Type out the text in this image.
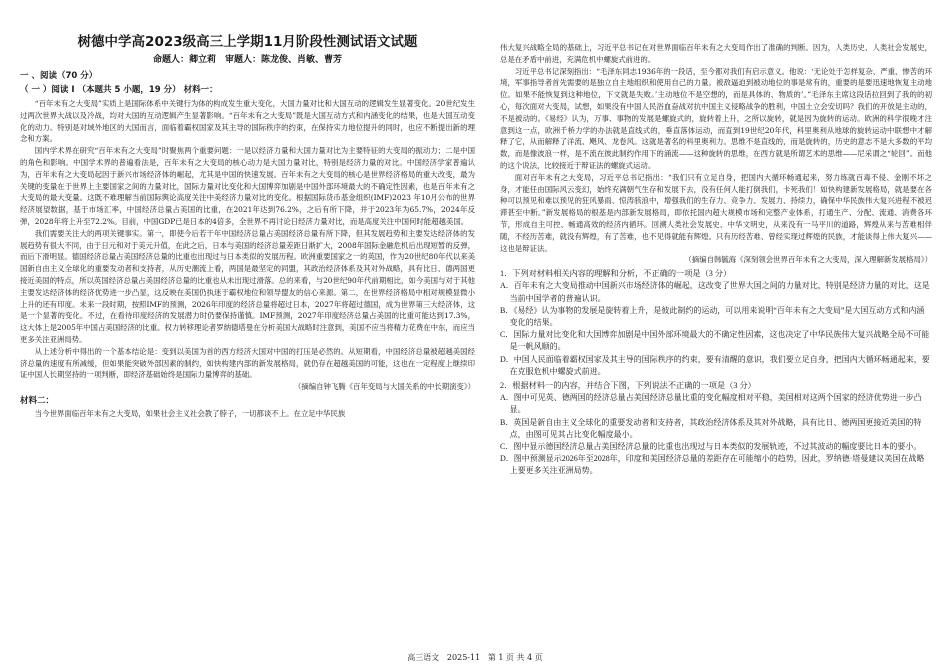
树德中学高2023级高三上学期11月阶段性测试语文试题
命题人：卿立莉　审题人：陈龙俊、肖敏、曹芳
一 、阅读（70 分）
（ 一 ）阅读 I （本题共 5 小题，19 分） 材料一：

“百年未有之大变局”实质上是国际体系中关键行为体的构成发生重大变化，大国力量对比和大国互动的逻辑发生显著变化。20世纪发生过两次世界大战以及冷战，均对大国的互动逻辑产生显著影响。“百年未有之大变局”既是大国互动方式和内涵变化的结果，也是大国互动变化的动力。特别是对域外地区的大国而言，面临着霸权国家及其主导的国际秩序的约束，在保持实力地位提升的同时，也应不断提出新的理念和方案。

国内学术界在研究“百年未有之大变局”时聚焦两个重要问题：一是以经济力量和大国力量对比为主要特征的大变局的振动力；二是中国的角色和影响。中国学术界的普遍看法是，百年未有之大变局的核心动力是大国力量对比，特别是经济力量的对比。中国经济学家普遍认为，百年未有之大变局起因于新兴市场经济体的崛起，尤其是中国的快速发展。百年未有之大变局的核心是世界经济格局的重大改变，最为关键的变量在于世界上主要国家之间的力量对比，国际力量对比变化和大国博弈加剧是中国外部环境最大的不确定性因素，也是百年未有之大变局的最大变量。这既不难理解当前国际舆论高度关注中美经济力量对比的变化。根据国际货币基金组织(IMF)2023 年10月公布的世界经济展望数据，基于市场汇率，中国经济总量占美国的比重，在2021年达到76.2%，之后有所下降，并于2023年为65.7%，2024年反弹，2028年将上升至72.2%。目前，中国GDP已是日本的4倍多，全世界不再讨论日经济力量对比，而是高度关注中国何时能超越美国。

我们需要关注大的两项关键事实。第一，即使今后若干年中国经济总量占美国经济总量有所下降，但其发展趋势和主要发达经济体的发展趋势有很大不同，由于日元和对于美元升值，在此之后，日本与美国的经济总量差距日渐扩大，2008年国际金融危机后出现短暂的反弹，而后下滑明显。德国经济总量占美国经济总量的比重也出现过与日本类似的发展历程。欧洲重要国家之一的英国，作为20世纪80年代以来美国新自由主义全球化的重要发动者和支持者，从历史潮流上看，两国是最坚定的同盟，其政治经济体系及其对外战略，具有比日、德两国更接近美国的特点，所以英国经济总量占美国经济总量的比重也从未出现过滑落。总的来看，与20世纪90年代前期相比，如今美国与对于其他主要发达经济体的经济优势进一步凸显，这反映在美国仍执迷于霸权地位和领导盟友的信心来源。第二，在世界经济格局中相对规模显微小上升的还有印度。未来一段时期，按照IMF的预测，2026年印度的经济总量将超过日本，2027年将超过德国，成为世界第三大经济体，这是一个显著的变化。不过，在看待印度经济的发展潜力时仍要保持谨慎。IMF预测，2027年印度经济总量占美国的比重可能达到17.3%，这大体上是2005年中国占美国经济的比重。权力转移理论者罗纳德塔曼在分析美国大战略时注意到，美国不应当将精力花费在中东，而应当更多关注亚洲局势。

从上述分析中得出的一个基本结论是：变到以美国为首的西方经济大国对中国的打压是必然的。从短期看，中国经济总量被超越美国经济总量的速度有所减缓，但如果能突破外部因素的制约，如快构建内部的新发展格局，就仍存在超越美国的可能，这也在一定程度上继续印证中国人长期坚持的一项判断，即经济基础始终是国际力量博弈的基础。

（摘编自钟飞腾《百年变局与大国关系的中长期演变》）
材料二：

当今世界面临百年未有之大变局，如果社会主义社会教了脖子，一切都谈不上。在立足中华民族

伟大复兴战略全局的基础上，习近平总书记在对世界面临百年未有之大变局作出了准确的判断。因为，人类历史、人类社会发展史，总是在矛盾中前进，充满危机中螺旋式前进的。

习近平总书记深刻指出：“毛泽东同志1936年的一段话，至今都对我们有启示意义。他说：‘无论处于怎样复杂、严重、惨苦的环境，军事指导者首先需要的是独立自主地组织和使用自己的力量。被敌逼迫到被动地位的事是常有的，重要的是要迅速地恢复主动地位。如果不能恢复到这种地位，下文就是失败。’主动地位不是空想的，而是具体的、物质的’。”毛泽东主席这段话拉回到了我的的初心，每次面对大变局，试想，如果没有中国人民浴血奋战对抗中国主义侵略战争的胜利，中国土立会安切吗？我们的开放是主动的，不是被动的。《易经》认为，万事、事物的发展是螺旋式的，旋转着上升，之所以旋转，就是因为旋转的运动。欧洲的科学很晚才注意到这一点，欧洲千桥力学的办法就是直线式的，垂直落体运动，而直到19世纪20年代，科里奥利从地球的旋转运动中联想中才解释了它，从而解释了洋流、飓风、龙卷风。这就是著名的科里奥利力。思维不是直线的，而是旋转的，历史的意志不是大多数的平均数，而是像波浪一样，是不流在彼此制约作用下的涌流——这种旋转的思维，在西方就是所谓艺术的思维——尼采谓之“轮回”。而他的这个说法，比较接近于辩证法的螺旋式运动。

面对百年未有之大变局，习近平总书记指出：“我们只有立足自身，把国内大循环畅通起来，努力练就百毒不侵、金刚不坏之身，才能任由国际风云变幻，始终充满朝气生存和发展下去，没有任何人能打倒我们，卡死我们！如快构建新发展格局，就是要在各种可以预见和难以预见的狂风暴雨、惊涛骇浪中，增强我们的生存力、竞争力、发展力、持续力，确保中华民族伟大复兴进程不被迟滞甚至中断。”新发展格局的根基是内部新发展格局，即依托国内超大规模市场和完整产业体系，打通生产、分配、流通、消费各环节，形成自主可控、畅通高效的经济内循环。回溯人类社会发展史、中华文明史，从来没有一马平川的道路，辉煌从来与苦难相伴随，不经历苦难，就没有辉煌，有了苦难，也不见得就能有辉煌。只有历经苦难、曾经实现过辉煌的民族，才能谈得上伟大复兴——这也是辩证法。

（摘编自韩毓海《深刻领会世界百年未有之大变局，深入理解新发展格局》）
1．下列对材料相关内容的理解和分析，不正确的一项是（3 分）
A．百年未有之大变局推动中国新兴市场经济体的崛起，这改变了世界大国之间的力量对比，特别是经济力量的对比，这是当前中国学者的普遍认识。
B．《易经》认为事物的发展是旋转着上升，是彼此制约的运动，可以用来说明“百年未有之大变局”是大国互动方式和内涵变化的结果。
C．国际力量对比变化和大国博弈加剧是中国外部环境最大的不确定性因素，这也决定了中华民族伟大复兴战略全局不可能是一帆风顺的。
D．中国人民面临着霸权国家及其主导的国际秩序的约束，要有清醒的意识，我们要立足自身，把国内大循环畅通起来，要在克服危机中螺旋式前进。
2．根据材料一的内容，并结合下图，下列说法不正确的一项是（3 分）
A．图中可见英、德两国的经济总量占美国经济总量比重的变化幅度相对平稳，美国相对这两个国家的经济优势进一步凸显。
B．英国是新自由主义全球化的重要发动者和支持者，其政治经济体系及其对外战略，具有比日、德两国更接近美国的特点，由图可见其占比变化幅度最小。
C．图中显示德国经济总量占美国经济总量的比重也出现过与日本类似的发展轨迹，不过其波动的幅度要比日本的要小。
D．图中预测显示2026年至2028年，印度和美国经济总量的差距存在可能缩小的趋势，因此，罗纳德·塔曼建议美国在战略上要更多关注亚洲局势。
高三语文 2025-11 第 1 页 共 4 页
